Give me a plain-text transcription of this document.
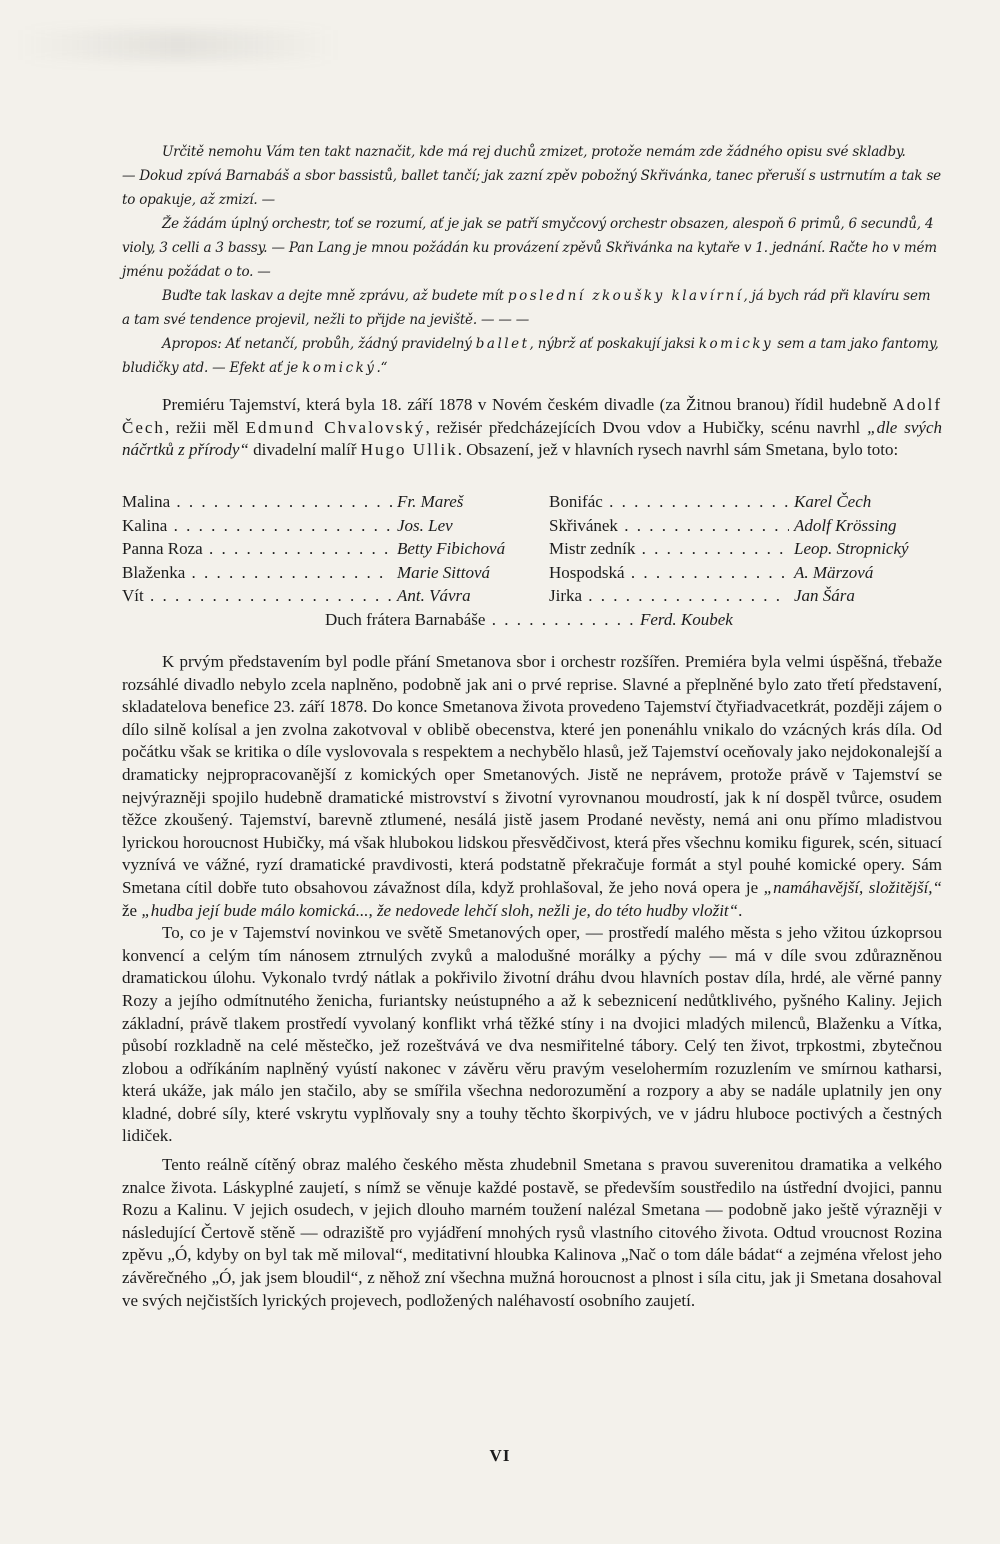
Určitě nemohu Vám ten takt naznačit, kde má rej duchů zmizet, protože nemám zde žádného opisu své skladby.

— Dokud zpívá Barnabáš a sbor bassistů, ballet tančí; jak zazní zpěv pobožný Skřivánka, tanec přeruší s ustrnutím a tak se to opakuje, až zmizí. —

Že žádám úplný orchestr, toť se rozumí, ať je jak se patří smyčcový orchestr obsazen, alespoň 6 primů, 6 secundů, 4 violy, 3 celli a 3 bassy. — Pan Lang je mnou požádán ku provázení zpěvů Skřivánka na kytaře v 1. jednání. Račte ho v mém jménu požádat o to. —

Buďte tak laskav a dejte mně zprávu, až budete mít poslední zkoušky klavírní, já bych rád při klavíru sem a tam své tendence projevil, nežli to přijde na jeviště. — — —

Apropos: Ať netančí, probůh, žádný pravidelný ballet, nýbrž ať poskakují jaksi komicky sem a tam jako fantomy, bludičky atd. — Efekt ať je komický.“

Premiéru Tajemství, která byla 18. září 1878 v Novém českém divadle (za Žitnou branou) řídil hudebně Adolf Čech, režii měl Edmund Chvalovský, režisér předcházejících Dvou vdov a Hubičky, scénu navrhl „dle svých náčrtků z přírody“ divadelní malíř Hugo Ullik. Obsazení, jež v hlavních rysech navrhl sám Smetana, bylo toto:

Malina . . .	Fr. Mareš	Bonifác . . .	Karel Čech
Kalina . . .	Jos. Lev	Skřivánek . . .	Adolf Krössing
Panna Roza . . .	Betty Fibichová	Mistr zedník . . .	Leop. Stropnický
Blaženka . . .	Marie Sittová	Hospodská . . .	A. Märzová
Vít . . .	Ant. Vávra	Jirka . . .	Jan Šára
Duch frátera Barnabáše . . .	Ferd. Koubek

K prvým představením byl podle přání Smetanova sbor i orchestr rozšířen. Premiéra byla velmi úspěšná, třebaže rozsáhlé divadlo nebylo zcela naplněno, podobně jak ani o prvé reprise. Slavné a přeplněné bylo zato třetí představení, skladatelova benefice 23. září 1878. Do konce Smetanova života provedeno Tajemství čtyřiadvacetkrát, později zájem o dílo silně kolísal a jen zvolna zakotvoval v oblibě obecenstva, které jen ponenáhlu vnikalo do vzácných krás díla. Od počátku však se kritika o díle vyslovovala s respektem a nechybělo hlasů, jež Tajemství oceňovaly jako nejdokonalejší a dramaticky nejpropracovanější z komických oper Smetanových. Jistě ne neprávem, protože právě v Tajemství se nejvýrazněji spojilo hudebně dramatické mistrovství s životní vyrovnanou moudrostí, jak k ní dospěl tvůrce, osudem těžce zkoušený. Tajemství, barevně ztlumené, nesálá jistě jasem Prodané nevěsty, nemá ani onu přímo mladistvou lyrickou horoucnost Hubičky, má však hlubokou lidskou přesvědčivost, která přes všechnu komiku figurek, scén, situací vyznívá ve vážné, ryzí dramatické pravdivosti, která podstatně překračuje formát a styl pouhé komické opery. Sám Smetana cítil dobře tuto obsahovou závažnost díla, když prohlašoval, že jeho nová opera je „namáhavější, složitější,“ že „hudba její bude málo komická..., že nedovede lehčí sloh, nežli je, do této hudby vložit“.

To, co je v Tajemství novinkou ve světě Smetanových oper, — prostředí malého města s jeho vžitou úzkoprsou konvencí a celým tím nánosem ztrnulých zvyků a malodušné morálky a pýchy — má v díle svou zdůrazněnou dramatickou úlohu. Vykonalo tvrdý nátlak a pokřivilo životní dráhu dvou hlavních postav díla, hrdé, ale věrné panny Rozy a jejího odmítnutého ženicha, furiantsky neústupného a až k sebeznicení nedůtklivého, pyšného Kaliny. Jejich základní, právě tlakem prostředí vyvolaný konflikt vrhá těžké stíny i na dvojici mladých milenců, Blaženku a Vítka, působí rozkladně na celé městečko, jež rozeštvává ve dva nesmiřitelné tábory. Celý ten život, trpkostmi, zbytečnou zlobou a odříkáním naplněný vyústí nakonec v závěru věru pravým veselohermím rozuzlením ve smírnou katharsi, která ukáže, jak málo jen stačilo, aby se smířila všechna nedorozumění a rozpory a aby se nadále uplatnily jen ony kladné, dobré síly, které vskrytu vyplňovaly sny a touhy těchto škorpivých, ve v jádru hluboce poctivých a čestných lidiček.

Tento reálně cítěný obraz malého českého města zhudebnil Smetana s pravou suverenitou dramatika a velkého znalce života. Láskyplné zaujetí, s nímž se věnuje každé postavě, se především soustředilo na ústřední dvojici, pannu Rozu a Kalinu. V jejich osudech, v jejich dlouho marném toužení nalézal Smetana — podobně jako ještě výrazněji v následující Čertově stěně — odraziště pro vyjádření mnohých rysů vlastního citového života. Odtud vroucnost Rozina zpěvu „Ó, kdyby on byl tak mě miloval“, meditativní hloubka Kalinova „Nač o tom dále bádat“ a zejména vřelost jeho závěrečného „Ó, jak jsem bloudil“, z něhož zní všechna mužná horoucnost a plnost i síla citu, jak ji Smetana dosahoval ve svých nejčistších lyrických projevech, podložených naléhavostí osobního zaujetí.

VI
